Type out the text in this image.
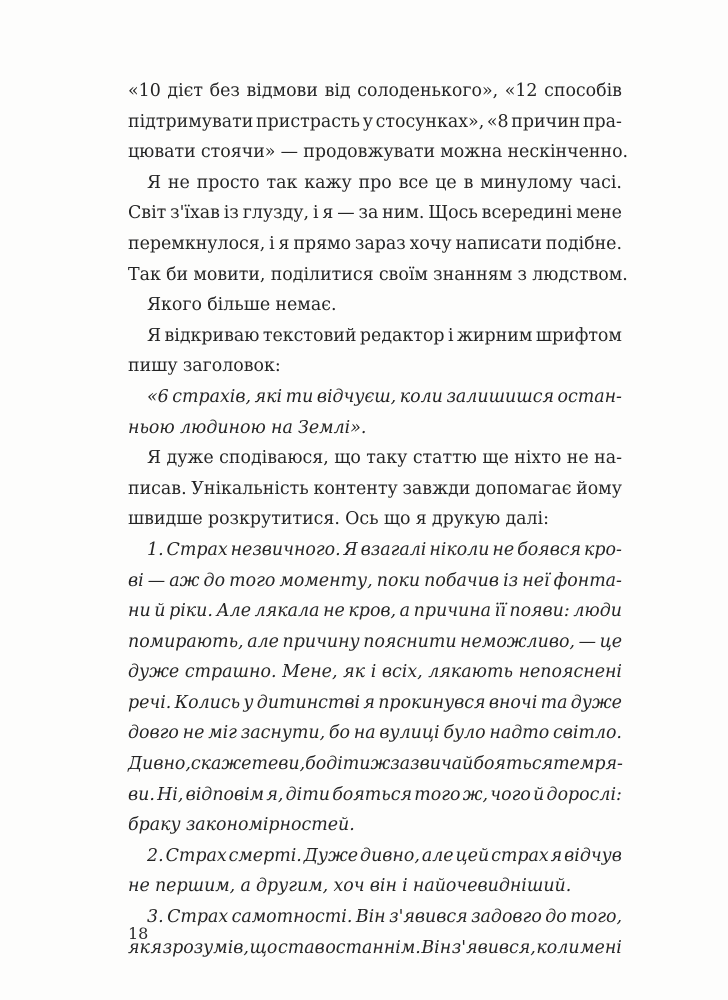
«10 дієт без відмови від солоденького», «12 способів
підтримувати пристрасть у стосунках», «8 причин пра-
цювати стоячи» — продовжувати можна нескінченно.
Я не просто так кажу про все це в минулому часі.
Світ з'їхав із глузду, і я — за ним. Щось всередині мене
перемкнулося, і я прямо зараз хочу написати подібне.
Так би мовити, поділитися своїм знанням з людством.
Якого більше немає.
Я відкриваю текстовий редактор і жирним шрифтом
пишу заголовок:
«6 страхів, які ти відчуєш, коли залишишся остан-
ньою людиною на Землі».
Я дуже сподіваюся, що таку статтю ще ніхто не на-
писав. Унікальність контенту завжди допомагає йому
швидше розкрутитися. Ось що я друкую далі:
1. Страх незвичного. Я взагалі ніколи не боявся кро-
ві — аж до того моменту, поки побачив із неї фонта-
ни й ріки. Але лякала не кров, а причина її появи: люди
помирають, але причину пояснити неможливо, — це
дуже страшно. Мене, як і всіх, лякають непояснені
речі. Колись у дитинстві я прокинувся вночі та дуже
довго не міг заснути, бо на вулиці було надто світло.
Дивно, скажете ви, бо діти ж зазвичай бояться темря-
ви. Ні, відповім я, діти бояться того ж, чого й дорослі:
браку закономірностей.
2. Страх смерті. Дуже дивно, але цей страх я відчув
не першим, а другим, хоч він і найочевидніший.
3. Страх самотності. Він з'явився задовго до того,
як я зрозумів, що став останнім. Він з'явився, коли мені
18
